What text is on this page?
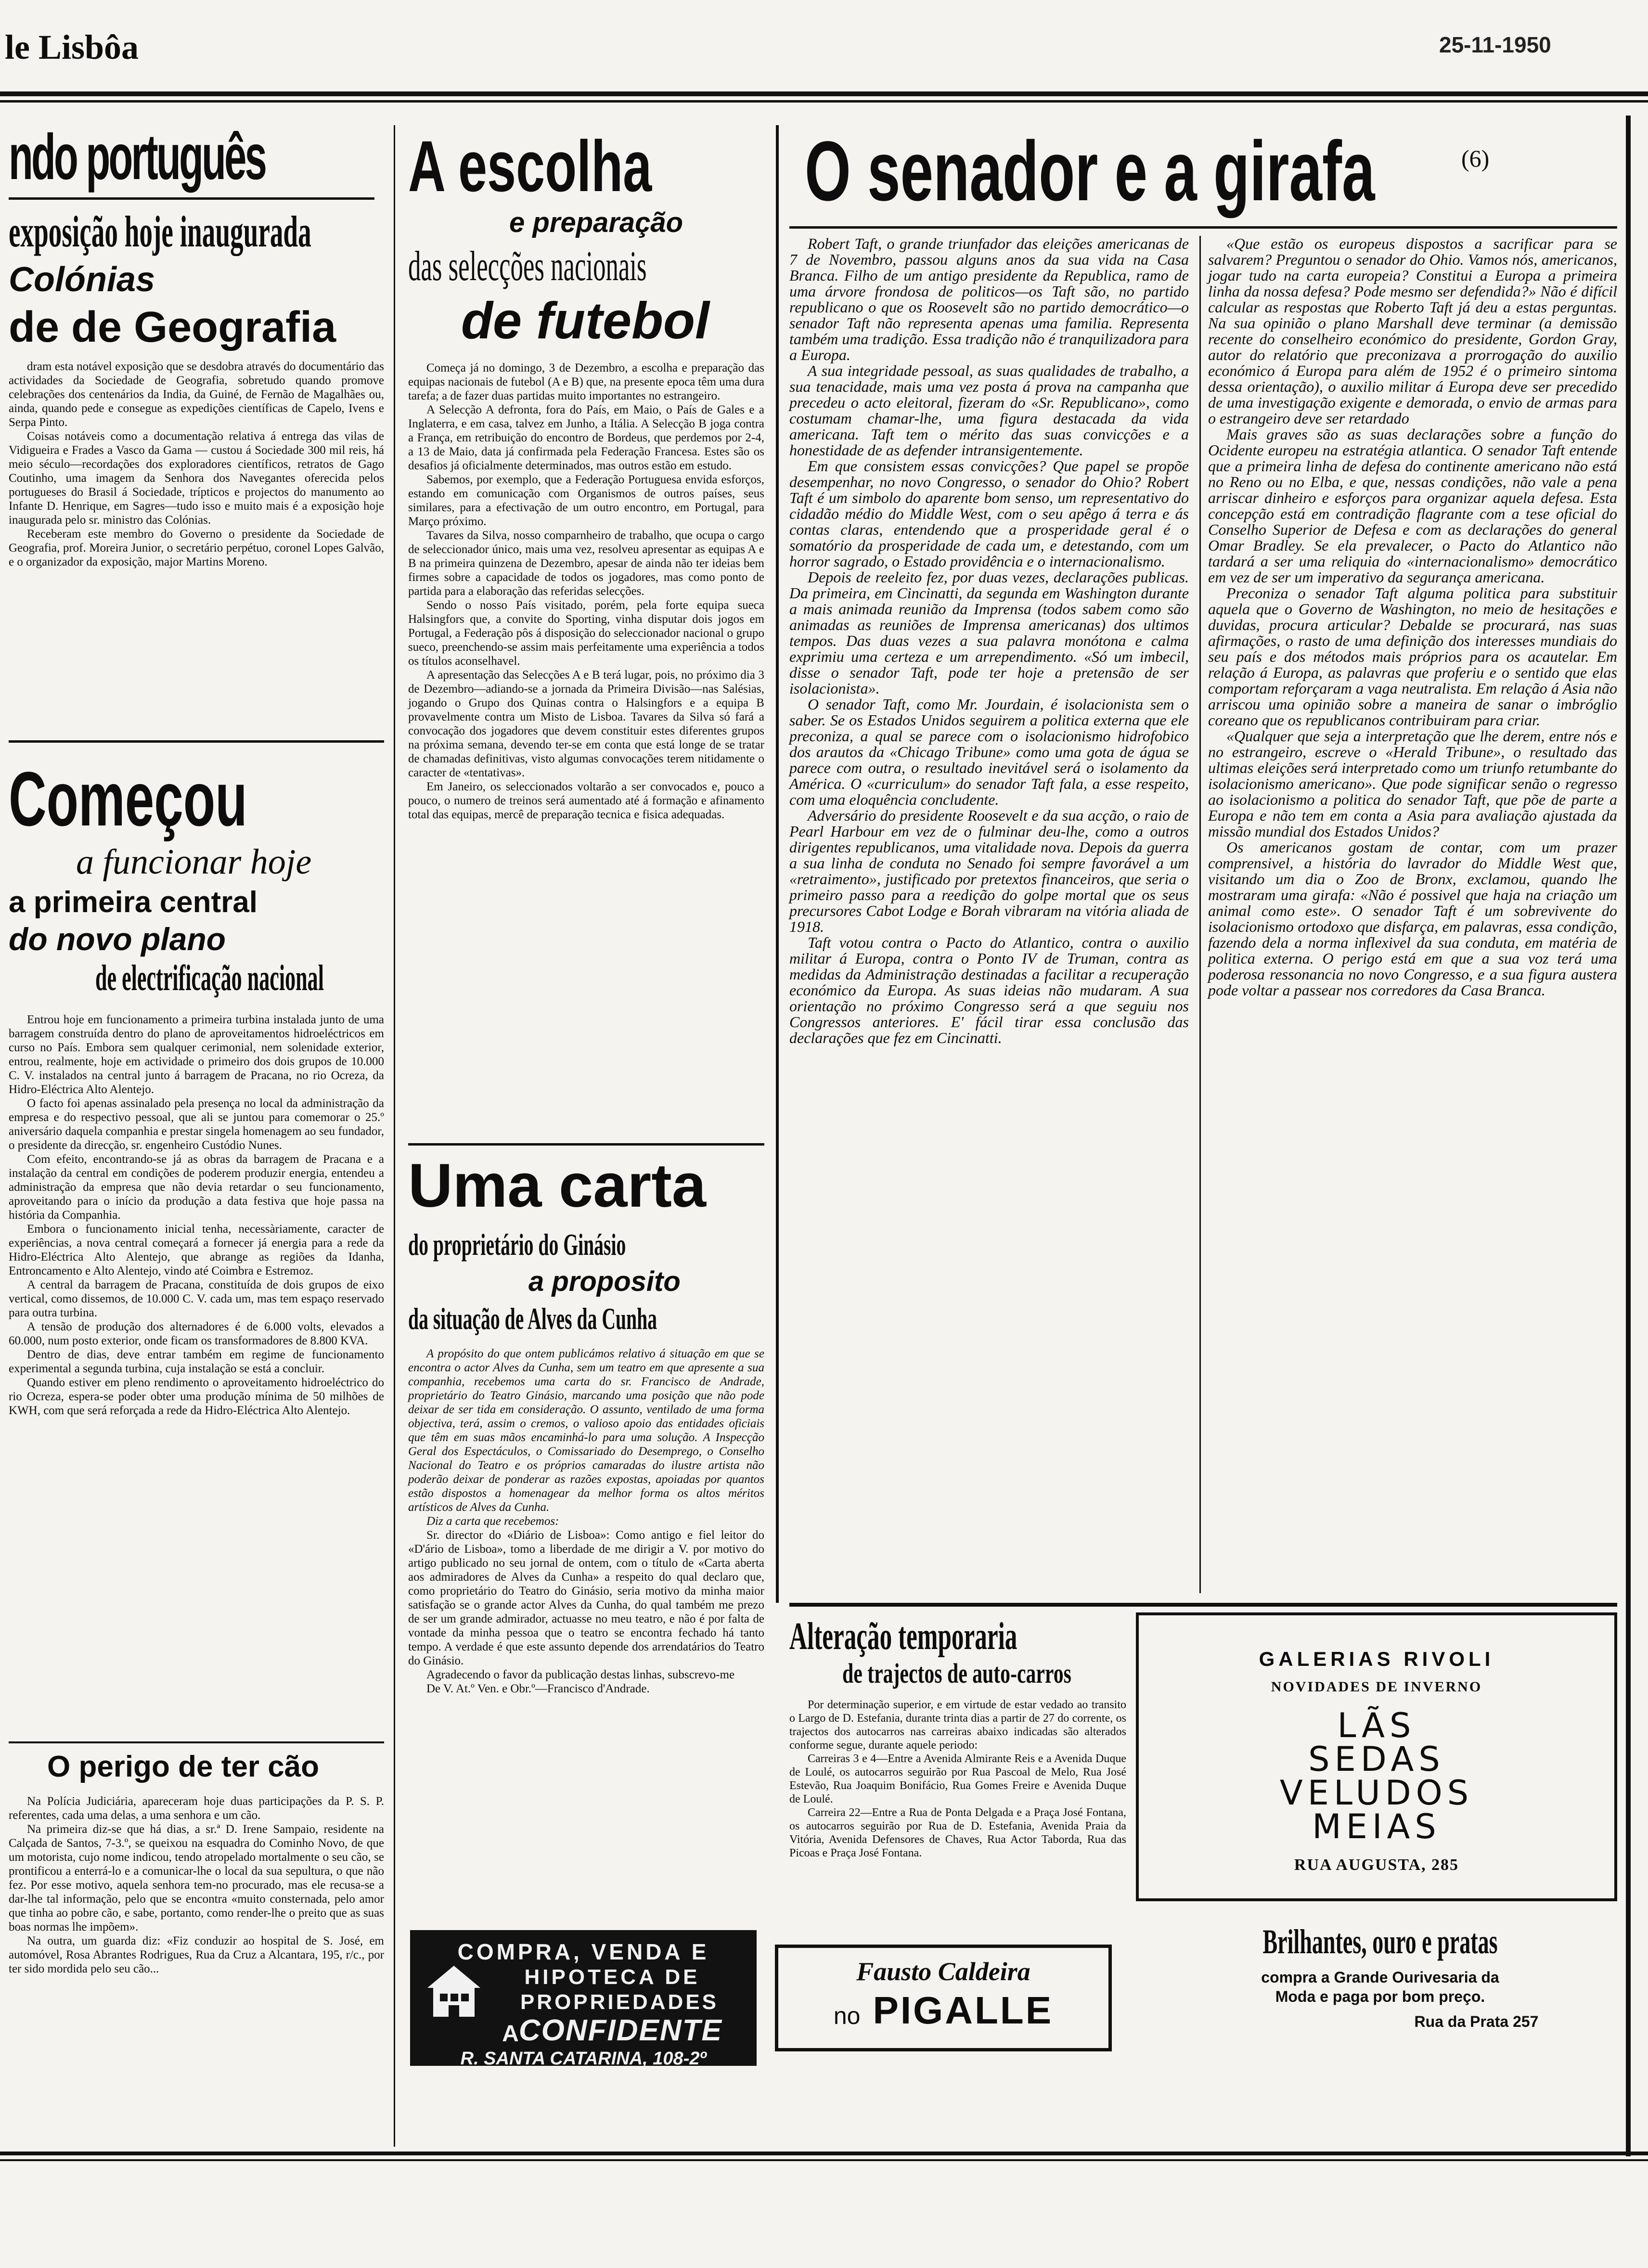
le Lisbôa	25-11-1950
ndo português
exposição hoje inaugurada
Colónias
de de Geografia

dram esta notável exposição que se desdobra através do documentário das actividades da Sociedade de Geografia, sobretudo quando promove celebrações dos centenários da India, da Guiné, de Fernão de Magalhães ou, ainda, quando pede e consegue as expedições científicas de Capelo, Ivens e Serpa Pinto.

Coisas notáveis como a documentação relativa á entrega das vilas de Vidigueira e Frades a Vasco da Gama — custou á Sociedade 300 mil reis, há meio século—recordações dos exploradores científicos, retratos de Gago Coutinho, uma imagem da Senhora dos Navegantes oferecida pelos portugueses do Brasil á Sociedade, trípticos e projectos do manumento ao Infante D. Henrique, em Sagres—tudo isso e muito mais é a exposição hoje inaugurada pelo sr. ministro das Colónias.

Receberam este membro do Governo o presidente da Sociedade de Geografia, prof. Moreira Junior, o secretário perpétuo, coronel Lopes Galvão, e o organizador da exposição, major Martins Moreno.

Começou
a funcionar hoje
a primeira central
do novo plano
de electrificação nacional

Entrou hoje em funcionamento a primeira turbina instalada junto de uma barragem construída dentro do plano de aproveitamentos hidroeléctricos em curso no País. Embora sem qualquer cerimonial, nem solenidade exterior, entrou, realmente, hoje em actividade o primeiro dos dois grupos de 10.000 C. V. instalados na central junto á barragem de Pracana, no rio Ocreza, da Hidro-Eléctrica Alto Alentejo.

O facto foi apenas assinalado pela presença no local da administração da empresa e do respectivo pessoal, que ali se juntou para comemorar o 25.º aniversário daquela companhia e prestar singela homenagem ao seu fundador, o presidente da direcção, sr. engenheiro Custódio Nunes.

Com efeito, encontrando-se já as obras da barragem de Pracana e a instalação da central em condições de poderem produzir energia, entendeu a administração da empresa que não devia retardar o seu funcionamento, aproveitando para o início da produção a data festiva que hoje passa na história da Companhia.

Embora o funcionamento inicial tenha, necessàriamente, caracter de experiências, a nova central começará a fornecer já energia para a rede da Hidro-Eléctrica Alto Alentejo, que abrange as regiões da Idanha, Entroncamento e Alto Alentejo, vindo até Coimbra e Estremoz.

A central da barragem de Pracana, constituída de dois grupos de eixo vertical, como dissemos, de 10.000 C. V. cada um, mas tem espaço reservado para outra turbina.

A tensão de produção dos alternadores é de 6.000 volts, elevados a 60.000, num posto exterior, onde ficam os transformadores de 8.800 KVA.

Dentro de dias, deve entrar também em regime de funcionamento experimental a segunda turbina, cuja instalação se está a concluir.

Quando estiver em pleno rendimento o aproveitamento hidroeléctrico do rio Ocreza, espera-se poder obter uma produção mínima de 50 milhões de KWH, com que será reforçada a rede da Hidro-Eléctrica Alto Alentejo.

O perigo de ter cão

Na Polícia Judiciária, apareceram hoje duas participações da P. S. P. referentes, cada uma delas, a uma senhora e um cão.

Na primeira diz-se que há dias, a sr.ª D. Irene Sampaio, residente na Calçada de Santos, 7-3.º, se queixou na esquadra do Cominho Novo, de que um motorista, cujo nome indicou, tendo atropelado mortalmente o seu cão, se prontificou a enterrá-lo e a comunicar-lhe o local da sua sepultura, o que não fez. Por esse motivo, aquela senhora tem-no procurado, mas ele recusa-se a dar-lhe tal informação, pelo que se encontra «muito consternada, pelo amor que tinha ao pobre cão, e sabe, portanto, como render-lhe o preito que as suas boas normas lhe impõem».

Na outra, um guarda diz: «Fiz conduzir ao hospital de S. José, em automóvel, Rosa Abrantes Rodrigues, Rua da Cruz a Alcantara, 195, r/c., por ter sido mordida pelo seu cão...

A escolha
e preparação
das selecções nacionais
de futebol

Começa já no domingo, 3 de Dezembro, a escolha e preparação das equipas nacionais de futebol (A e B) que, na presente epoca têm uma dura tarefa; a de fazer duas partidas muito importantes no estrangeiro.

A Selecção A defronta, fora do País, em Maio, o País de Gales e a Inglaterra, e em casa, talvez em Junho, a Itália. A Selecção B joga contra a França, em retribuição do encontro de Bordeus, que perdemos por 2-4, a 13 de Maio, data já confirmada pela Federação Francesa. Estes são os desafios já oficialmente determinados, mas outros estão em estudo.

Sabemos, por exemplo, que a Federação Portuguesa envida esforços, estando em comunicação com Organismos de outros países, seus similares, para a efectivação de um outro encontro, em Portugal, para Março próximo.

Tavares da Silva, nosso comparnheiro de trabalho, que ocupa o cargo de seleccionador único, mais uma vez, resolveu apresentar as equipas A e B na primeira quinzena de Dezembro, apesar de ainda não ter ideias bem firmes sobre a capacidade de todos os jogadores, mas como ponto de partida para a elaboração das referidas selecções.

Sendo o nosso País visitado, porém, pela forte equipa sueca Halsingfors que, a convite do Sporting, vinha disputar dois jogos em Portugal, a Federação pôs á disposição do seleccionador nacional o grupo sueco, preenchendo-se assim mais perfeitamente uma experiência a todos os títulos aconselhavel.

A apresentação das Selecções A e B terá lugar, pois, no próximo dia 3 de Dezembro—adiando-se a jornada da Primeira Divisão—nas Salésias, jogando o Grupo dos Quinas contra o Halsingfors e a equipa B provavelmente contra um Misto de Lisboa. Tavares da Silva só fará a convocação dos jogadores que devem constituir estes diferentes grupos na próxima semana, devendo ter-se em conta que está longe de se tratar de chamadas definitivas, visto algumas convocações terem nitidamente o caracter de «tentativas».

Em Janeiro, os seleccionados voltarão a ser convocados e, pouco a pouco, o numero de treinos será aumentado até á formação e afinamento total das equipas, mercê de preparação tecnica e fisica adequadas.

Uma carta
do proprietário do Ginásio
a proposito
da situação de Alves da Cunha

A propósito do que ontem publicámos relativo á situação em que se encontra o actor Alves da Cunha, sem um teatro em que apresente a sua companhia, recebemos uma carta do sr. Francisco de Andrade, proprietário do Teatro Ginásio, marcando uma posição que não pode deixar de ser tida em consideração. O assunto, ventilado de uma forma objectiva, terá, assim o cremos, o valioso apoio das entidades oficiais que têm em suas mãos encaminhá-lo para uma solução. A Inspecção Geral dos Espectáculos, o Comissariado do Desemprego, o Conselho Nacional do Teatro e os próprios camaradas do ilustre artista não poderão deixar de ponderar as razões expostas, apoiadas por quantos estão dispostos a homenagear da melhor forma os altos méritos artísticos de Alves da Cunha.

Diz a carta que recebemos:

Sr. director do «Diário de Lisboa»: Como antigo e fiel leitor do «D'ário de Lisboa», tomo a liberdade de me dirigir a V. por motivo do artigo publicado no seu jornal de ontem, com o título de «Carta aberta aos admiradores de Alves da Cunha» a respeito do qual declaro que, como proprietário do Teatro do Ginásio, seria motivo da minha maior satisfação se o grande actor Alves da Cunha, do qual também me prezo de ser um grande admirador, actuasse no meu teatro, e não é por falta de vontade da minha pessoa que o teatro se encontra fechado há tanto tempo. A verdade é que este assunto depende dos arrendatários do Teatro do Ginásio.

Agradecendo o favor da publicação destas linhas, subscrevo-me

De V. At.º Ven. e Obr.º—Francisco d'Andrade.

COMPRA, VENDA E
HIPOTECA DE
PROPRIEDADES
A CONFIDENTE
R. SANTA CATARINA, 108-2º
O senador e a girafa	(6)

Robert Taft, o grande triunfador das eleições americanas de 7 de Novembro, passou alguns anos da sua vida na Casa Branca. Filho de um antigo presidente da Republica, ramo de uma árvore frondosa de politicos—os Taft são, no partido republicano o que os Roosevelt são no partido democrático—o senador Taft não representa apenas uma familia. Representa também uma tradição. Essa tradição não é tranquilizadora para a Europa.

A sua integridade pessoal, as suas qualidades de trabalho, a sua tenacidade, mais uma vez posta á prova na campanha que precedeu o acto eleitoral, fizeram do «Sr. Republicano», como costumam chamar-lhe, uma figura destacada da vida americana. Taft tem o mérito das suas convicções e a honestidade de as defender intransigentemente.

Em que consistem essas convicções? Que papel se propõe desempenhar, no novo Congresso, o senador do Ohio? Robert Taft é um simbolo do aparente bom senso, um representativo do cidadão médio do Middle West, com o seu apêgo á terra e ás contas claras, entendendo que a prosperidade geral é o somatório da prosperidade de cada um, e detestando, com um horror sagrado, o Estado providência e o internacionalismo.

Depois de reeleito fez, por duas vezes, declarações publicas. Da primeira, em Cincinatti, da segunda em Washington durante a mais animada reunião da Imprensa (todos sabem como são animadas as reuniões de Imprensa americanas) dos ultimos tempos. Das duas vezes a sua palavra monótona e calma exprimiu uma certeza e um arrependimento. «Só um imbecil, disse o senador Taft, pode ter hoje a pretensão de ser isolacionista».

O senador Taft, como Mr. Jourdain, é isolacionista sem o saber. Se os Estados Unidos seguirem a politica externa que ele preconiza, a qual se parece com o isolacionismo hidrofobico dos arautos da «Chicago Tribune» como uma gota de água se parece com outra, o resultado inevitável será o isolamento da América. O «curriculum» do senador Taft fala, a esse respeito, com uma eloquência concludente.

Adversário do presidente Roosevelt e da sua acção, o raio de Pearl Harbour em vez de o fulminar deu-lhe, como a outros dirigentes republicanos, uma vitalidade nova. Depois da guerra a sua linha de conduta no Senado foi sempre favorável a um «retraimento», justificado por pretextos financeiros, que seria o primeiro passo para a reedição do golpe mortal que os seus precursores Cabot Lodge e Borah vibraram na vitória aliada de 1918.

Taft votou contra o Pacto do Atlantico, contra o auxilio militar á Europa, contra o Ponto IV de Truman, contra as medidas da Administração destinadas a facilitar a recuperação económico da Europa. As suas ideias não mudaram. A sua orientação no próximo Congresso será a que seguiu nos Congressos anteriores. E' fácil tirar essa conclusão das declarações que fez em Cincinatti.

«Que estão os europeus dispostos a sacrificar para se salvarem? Preguntou o senador do Ohio. Vamos nós, americanos, jogar tudo na carta europeia? Constitui a Europa a primeira linha da nossa defesa? Pode mesmo ser defendida?» Não é difícil calcular as respostas que Roberto Taft já deu a estas perguntas. Na sua opinião o plano Marshall deve terminar (a demissão recente do conselheiro económico do presidente, Gordon Gray, autor do relatório que preconizava a prorrogação do auxilio económico á Europa para além de 1952 é o primeiro sintoma dessa orientação), o auxilio militar á Europa deve ser precedido de uma investigação exigente e demorada, o envio de armas para o estrangeiro deve ser retardado

Mais graves são as suas declarações sobre a função do Ocidente europeu na estratégia atlantica. O senador Taft entende que a primeira linha de defesa do continente americano não está no Reno ou no Elba, e que, nessas condições, não vale a pena arriscar dinheiro e esforços para organizar aquela defesa. Esta concepção está em contradição flagrante com a tese oficial do Conselho Superior de Defesa e com as declarações do general Omar Bradley. Se ela prevalecer, o Pacto do Atlantico não tardará a ser uma reliquia do «internacionalismo» democrático em vez de ser um imperativo da segurança americana.

Preconiza o senador Taft alguma politica para substituir aquela que o Governo de Washington, no meio de hesitações e duvidas, procura articular? Debalde se procurará, nas suas afirmações, o rasto de uma definição dos interesses mundiais do seu país e dos métodos mais próprios para os acautelar. Em relação á Europa, as palavras que proferiu e o sentido que elas comportam reforçaram a vaga neutralista. Em relação á Asia não arriscou uma opinião sobre a maneira de sanar o imbróglio coreano que os republicanos contribuiram para criar.

«Qualquer que seja a interpretação que lhe derem, entre nós e no estrangeiro, escreve o «Herald Tribune», o resultado das ultimas eleições será interpretado como um triunfo retumbante do isolacionismo americano». Que pode significar senão o regresso ao isolacionismo a politica do senador Taft, que põe de parte a Europa e não tem em conta a Asia para avaliação ajustada da missão mundial dos Estados Unidos?

Os americanos gostam de contar, com um prazer comprensivel, a história do lavrador do Middle West que, visitando um dia o Zoo de Bronx, exclamou, quando lhe mostraram uma girafa: «Não é possivel que haja na criação um animal como este». O senador Taft é um sobrevivente do isolacionismo ortodoxo que disfarça, em palavras, essa condição, fazendo dela a norma inflexivel da sua conduta, em matéria de politica externa. O perigo está em que a sua voz terá uma poderosa ressonancia no novo Congresso, e a sua figura austera pode voltar a passear nos corredores da Casa Branca.

Alteração temporaria
de trajectos de auto-carros

Por determinação superior, e em virtude de estar vedado ao transito o Largo de D. Estefania, durante trinta dias a partir de 27 do corrente, os trajectos dos autocarros nas carreiras abaixo indicadas são alterados conforme segue, durante aquele periodo:

Carreiras 3 e 4—Entre a Avenida Almirante Reis e a Avenida Duque de Loulé, os autocarros seguirão por Rua Pascoal de Melo, Rua José Estevão, Rua Joaquim Bonifácio, Rua Gomes Freire e Avenida Duque de Loulé.

Carreira 22—Entre a Rua de Ponta Delgada e a Praça José Fontana, os autocarros seguirão por Rua de D. Estefania, Avenida Praia da Vitória, Avenida Defensores de Chaves, Rua Actor Taborda, Rua das Picoas e Praça José Fontana.

GALERIAS RIVOLI
NOVIDADES DE INVERNO
LÃS
SEDAS
VELUDOS
MEIAS
RUA AUGUSTA, 285
Fausto Caldeira
no PIGALLE
Brilhantes, ouro e pratas
compra a Grande Ourivesaria da
Moda e paga por bom preço.
Rua da Prata 257
